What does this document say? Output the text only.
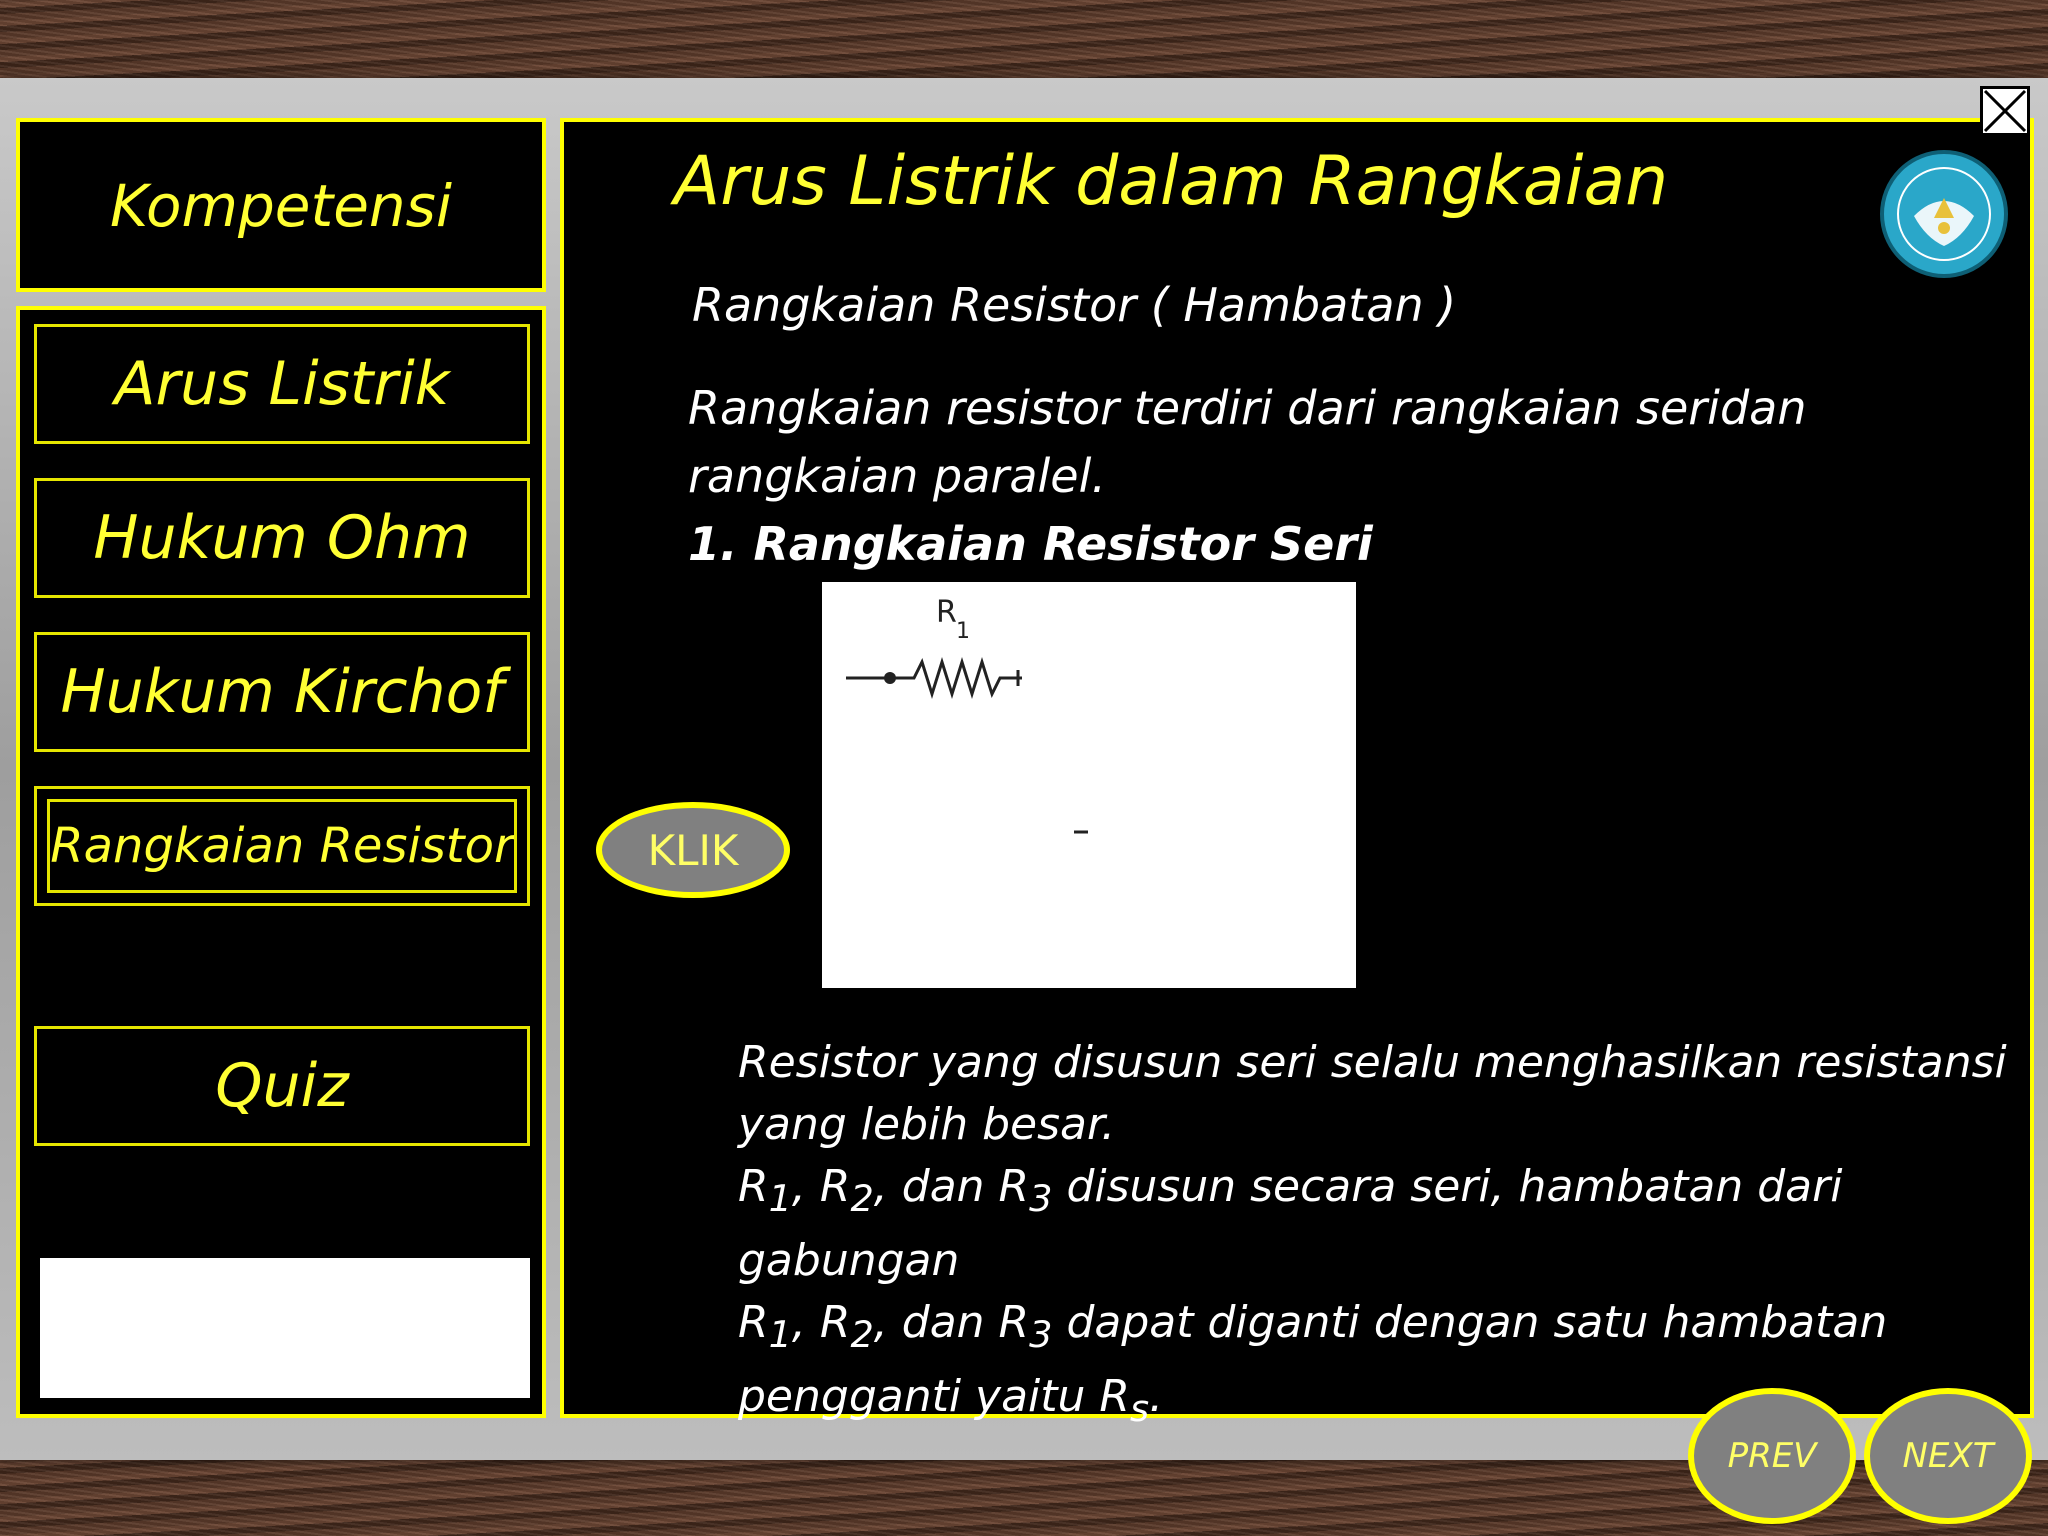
Kompetensi
Arus Listrik
Hukum Ohm
Hukum Kirchof
Rangkaian Resistor
Quiz
Arus Listrik dalam Rangkaian
Rangkaian Resistor ( Hambatan )
Rangkaian resistor terdiri dari rangkaian seridan
rangkaian paralel.
1. Rangkaian Resistor Seri
KLIK
R
1
Resistor yang disusun seri selalu menghasilkan resistansi
yang lebih besar.
$R_1$, $R_2$, dan $R_3$ disusun secara seri, hambatan dari gabungan
$R_1$, $R_2$, dan $R_3$ dapat diganti dengan satu hambatan
pengganti yaitu $R_s$.
PREV	NEXT
